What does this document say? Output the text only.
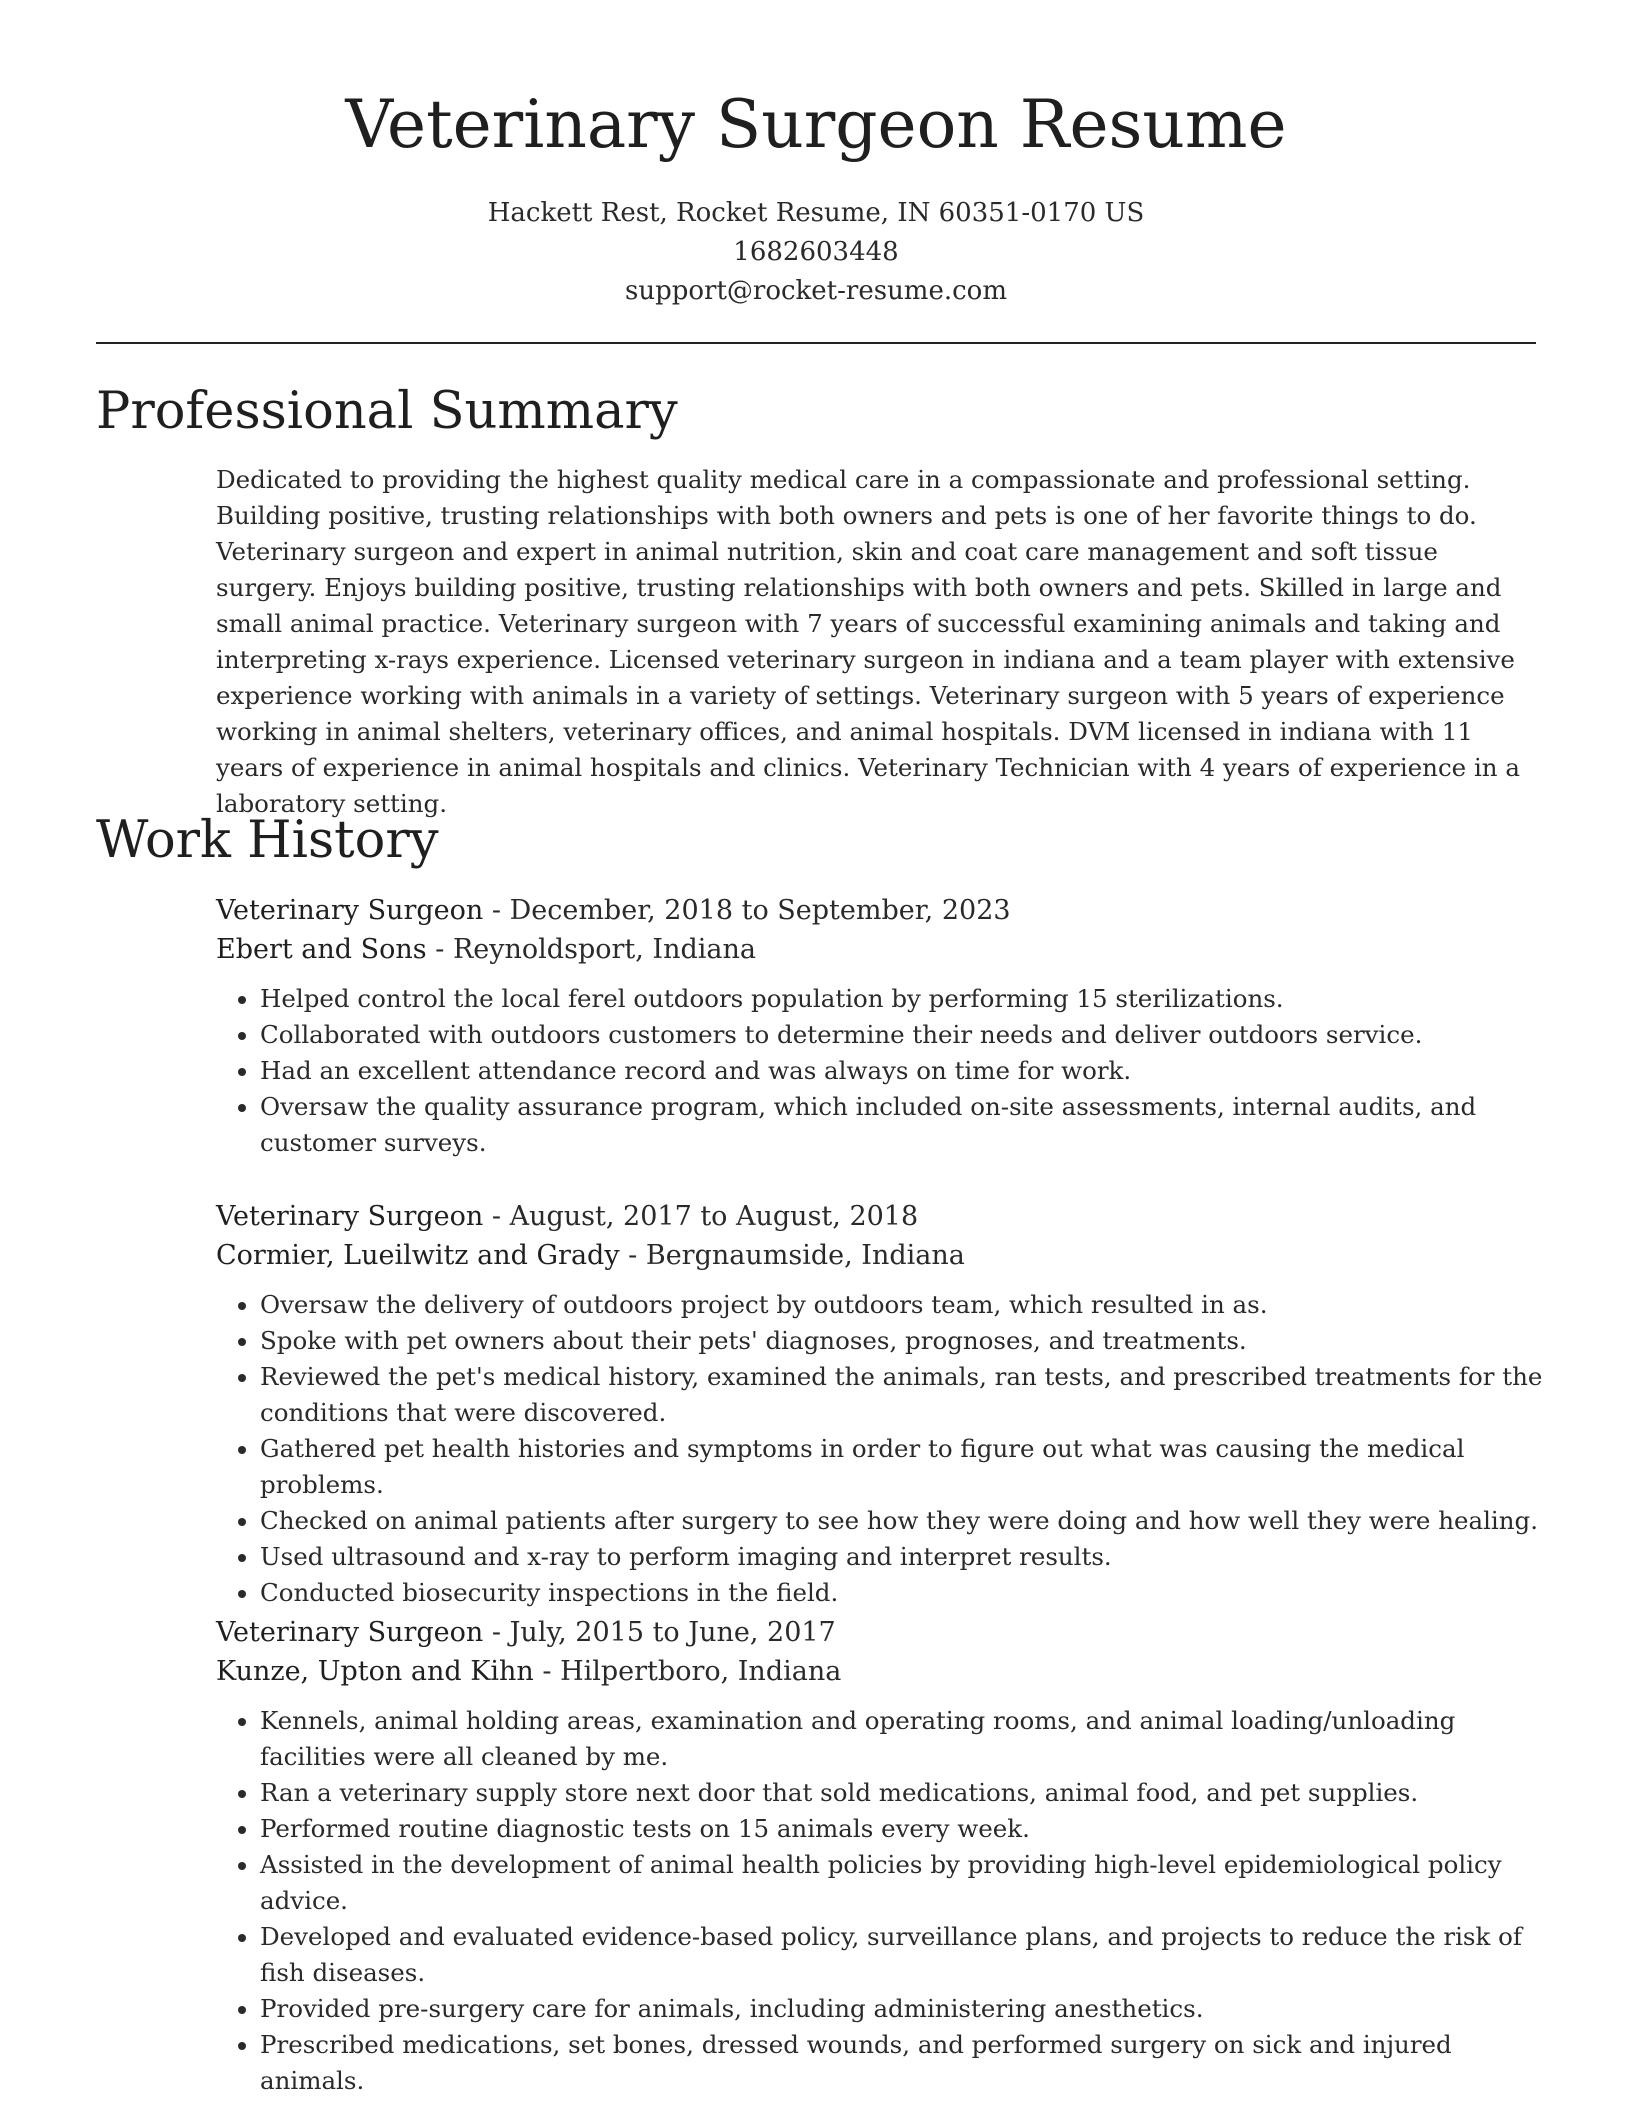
Veterinary Surgeon Resume
Hackett Rest, Rocket Resume, IN 60351-0170 US
1682603448
support@rocket-resume.com
Professional Summary
Dedicated to providing the highest quality medical care in a compassionate and professional setting. Building positive, trusting relationships with both owners and pets is one of her favorite things to do. Veterinary surgeon and expert in animal nutrition, skin and coat care management and soft tissue surgery. Enjoys building positive, trusting relationships with both owners and pets. Skilled in large and small animal practice. Veterinary surgeon with 7 years of successful examining animals and taking and interpreting x-rays experience. Licensed veterinary surgeon in indiana and a team player with extensive experience working with animals in a variety of settings. Veterinary surgeon with 5 years of experience working in animal shelters, veterinary offices, and animal hospitals. DVM licensed in indiana with 11 years of experience in animal hospitals and clinics. Veterinary Technician with 4 years of experience in a laboratory setting.
Work History
Veterinary Surgeon - December, 2018 to September, 2023
Ebert and Sons - Reynoldsport, Indiana
• Helped control the local ferel outdoors population by performing 15 sterilizations.
• Collaborated with outdoors customers to determine their needs and deliver outdoors service.
• Had an excellent attendance record and was always on time for work.
• Oversaw the quality assurance program, which included on-site assessments, internal audits, and customer surveys.
Veterinary Surgeon - August, 2017 to August, 2018
Cormier, Lueilwitz and Grady - Bergnaumside, Indiana
• Oversaw the delivery of outdoors project by outdoors team, which resulted in as.
• Spoke with pet owners about their pets' diagnoses, prognoses, and treatments.
• Reviewed the pet's medical history, examined the animals, ran tests, and prescribed treatments for the conditions that were discovered.
• Gathered pet health histories and symptoms in order to figure out what was causing the medical problems.
• Checked on animal patients after surgery to see how they were doing and how well they were healing.
• Used ultrasound and x-ray to perform imaging and interpret results.
• Conducted biosecurity inspections in the field.
Veterinary Surgeon - July, 2015 to June, 2017
Kunze, Upton and Kihn - Hilpertboro, Indiana
• Kennels, animal holding areas, examination and operating rooms, and animal loading/unloading facilities were all cleaned by me.
• Ran a veterinary supply store next door that sold medications, animal food, and pet supplies.
• Performed routine diagnostic tests on 15 animals every week.
• Assisted in the development of animal health policies by providing high-level epidemiological policy advice.
• Developed and evaluated evidence-based policy, surveillance plans, and projects to reduce the risk of fish diseases.
• Provided pre-surgery care for animals, including administering anesthetics.
• Prescribed medications, set bones, dressed wounds, and performed surgery on sick and injured animals.
